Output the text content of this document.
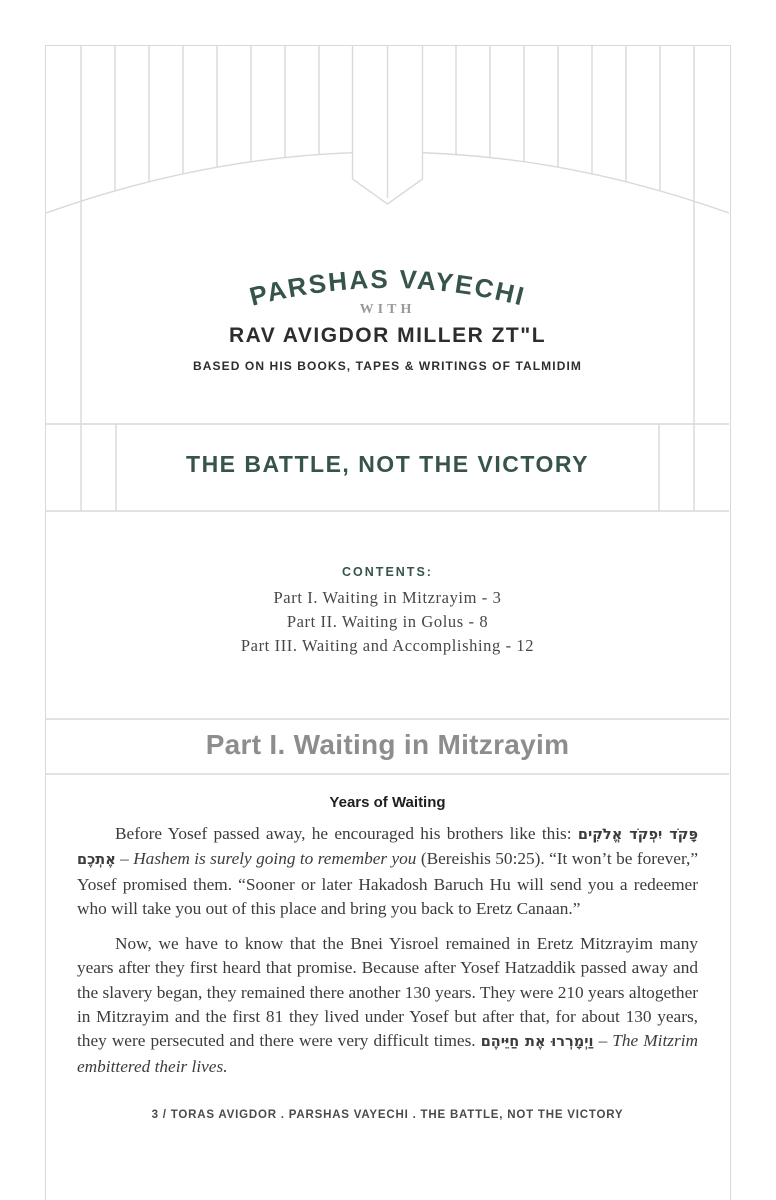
PARSHAS VAYECHI
WITH
RAV AVIGDOR MILLER ZT"L
BASED ON HIS BOOKS, TAPES & WRITINGS OF TALMIDIM
THE BATTLE, NOT THE VICTORY
CONTENTS:
Part I. Waiting in Mitzrayim - 3
Part II. Waiting in Golus - 8
Part III. Waiting and Accomplishing - 12
Part I. Waiting in Mitzrayim
Years of Waiting

Before Yosef passed away, he encouraged his brothers like this: פָּקֹד יִפְקֹד אֱלֹקִים אֶתְכֶם – Hashem is surely going to remember you (Bereishis 50:25). “It won’t be forever,” Yosef promised them. “Sooner or later Hakadosh Baruch Hu will send you a redeemer who will take you out of this place and bring you back to Eretz Canaan.”

Now, we have to know that the Bnei Yisroel remained in Eretz Mitzrayim many years after they first heard that promise. Because after Yosef Hatzaddik passed away and the slavery began, they remained there another 130 years. They were 210 years altogether in Mitzrayim and the first 81 they lived under Yosef but after that, for about 130 years, they were persecuted and there were very difficult times. וַיְמָרְרוּ אֶת חַיֵּיהֶם – The Mitzrim embittered their lives.

3 / TORAS AVIGDOR . PARSHAS VAYECHI . THE BATTLE, NOT THE VICTORY
